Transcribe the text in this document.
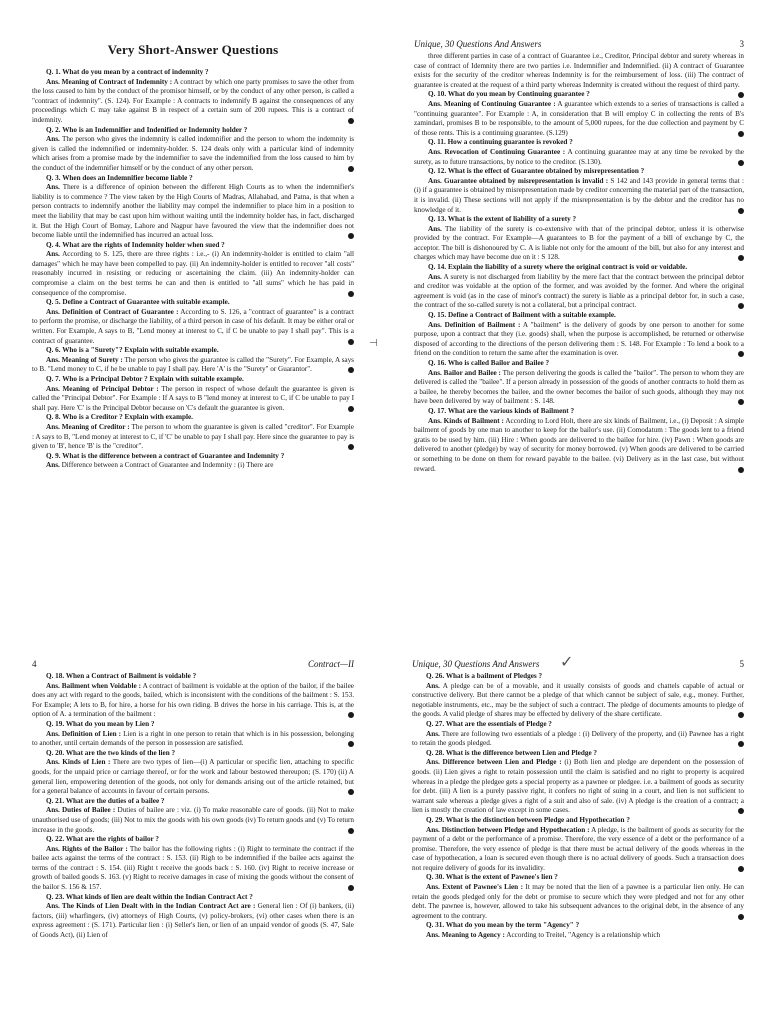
Very Short-Answer Questions
Q. 1. What do you mean by a contract of indemnity ?
Ans. Meaning of Contract of Indemnity : A contract by which one party promises to save the other from the loss caused to him by the conduct of the promisor himself, or by the conduct of any other person, is called a "contract of indemnity". (S. 124). For Example : A contracts to indemnify B against the consequences of any proceedings which C may take against B in respect of a certain sum of 200 rupees. This is a contract of indemnity.
Q. 2. Who is an Indemnifier and Indenified or Indemnity holder ?
Ans. The person who gives the indemnity is called indemnifier and the person to whom the indemnity is given is called the indemnified or indemnity-holder. S. 124 deals only with a particular kind of indemnity which arises from a promise made by the indemnifier to save the indemnified from the loss caused to him by the conduct of the indemnifier himself or by the conduct of any other person.
Q. 3. When does an Indemnifier become liable ?
Ans. There is a difference of opinion between the different High Courts as to when the indemnifier's liability is to commence ? The view taken by the High Courts of Madras, Allahabad, and Patna, is that when a person contracts to indemnify another the liability may compel the indemnifier to place him in a position to meet the liability that may be cast upon him without waiting until the indemnity holder has, in fact, discharged it. But the High Court of Bomay, Lahore and Nagpur have favoured the view that the indemnifier does not become liable until the indemnified has incurred an actual loss.
Q. 4. What are the rights of Indemnity holder when sued ?
Ans. According to S. 125, there are three rights : i.e.,- (i) An indemnity-holder is entitled to claim "all damages" which he may have been compelled to pay. (ii) An indemnity-holder is entitled to recover "all costs" reasonably incurred in resisting or reducing or ascertaining the claim. (iii) An indemnity-holder can compromise a claim on the best terms he can and then is entitled to "all sums" which he has paid in consequence of the compromise.
Q. 5. Define a Contract of Guarantee with suitable example.
Ans. Definition of Contract of Guarantee : According to S. 126, a "contract of guarantee" is a contract to perform the promise, or discharge the liability, of a third person in case of his default. It may be either oral or written. For Example, A says to B, "Lend money at interest to C, if C be unable to pay I shall pay". This is a contract of guarantee.
Q. 6. Who is a "Surety"? Explain with suitable example.
Ans. Meaning of Surety : The person who gives the guarantee is called the "Surety". For Example, A says to B. "Lend money to C, if he be unable to pay I shall pay. Here 'A' is the "Surety" or Guarantor".
Q. 7. Who is a Principal Debtor ? Explain with suitable example.
Ans. Meaning of Principal Debtor : The person in respect of whose default the guarantee is given is called the "Principal Debtor". For Example : If A says to B "lend money at interest to C, if C be unable to pay I shall pay. Here 'C' is the Principal Debtor because on 'C's default the guarantee is given.
Q. 8. Who is a Creditor ? Explain with example.
Ans. Meaning of Creditor : The person to whom the guarantee is given is called "creditor". For Example : A says to B, "Lend money at interest to C, if 'C' be unable to pay I shall pay. Here since the guarantee to pay is given to 'B', hence 'B' is the "creditor".
Q. 9. What is the difference between a contract of Guarantee and Indemnity ?
Ans. Difference between a Contract of Guarantee and Indemnity : (i) There are
Unique, 30 Questions And Answers	3
three different parties in case of a contract of Guarantee i.e., Creditor, Principal debtor and surety whereas in case of contract of Idemnity there are two parties i.e. Indemnifier and Indemnified. (ii) A contract of Guarantee exists for the security of the creditor whereas Indemnity is for the reimbursement of loss. (iii) The contract of guarantee is created at the request of a third party whereas Indemnity is created without the request of third party.
Q. 10. What do you mean by Continuing guarantee ?
Ans. Meaning of Continuing Guarantee : A guarantee which extends to a series of transactions is called a "continuing guarantee". For Example : A, in consideration that B will employ C in collecting the rents of B's zamindari, promises B to be responsible, to the amount of 5,000 rupees, for the due collection and payment by C of those rents. This is a continuing guarantee. (S.129)
Q. 11. How a continuing guarantee is revoked ?
Ans. Revocation of Continuing Guarantee : A continuing guarantee may at any time be revoked by the surety, as to future transactions, by notice to the creditor. (S.130).
Q. 12. What is the effect of Guarantee obtained by misrepresentation ?
Ans. Guarantee obtained by misrepresentation is invalid : S 142 and 143 provide in general terms that : (i) if a guarantee is obtained by misrepresentation made by creditor concerning the material part of the transaction, it is invalid. (ii) These sections will not apply if the misrepresentation is by the debtor and the creditor has no knowledge of it.
Q. 13. What is the extent of liability of a surety ?
Ans. The liability of the surety is co-extensive with that of the principal debtor, unless it is otherwise provided by the contract. For Example—A guarantees to B for the payment of a bill of exchange by C, the acceptor. The bill is dishonoured by C. A is liable not only for the amount of the bill, but also for any interest and charges which may have become due on it : S 128.
Q. 14. Explain the liability of a surety where the original contract is void or voidable.
Ans. A surety is not discharged from liability by the mere fact that the contract between the principal debtor and creditor was voidable at the option of the former, and was avoided by the former. And where the original agreement is void (as in the case of minor's contract) the surety is liable as a principal debtor for, in such a case, the contract of the so-called surety is not a collateral, but a principal contract.
Q. 15. Define a Contract of Bailment with a suitable example.
Ans. Definition of Bailment : A "bailment" is the delivery of goods by one person to another for some purpose, upon a contract that they (i.e. goods) shall, when the purpose is accomplished, be returned or otherwise disposed of according to the directions of the person delivering them : S. 148. For Example : To lend a book to a friend on the condition to return the same after the examination is over.
Q. 16. Who is called Bailor and Bailee ?
Ans. Bailor and Bailee : The person delivering the goods is called the "bailor". The person to whom they are delivered is called the "bailee". If a person already in possession of the goods of another contracts to hold them as a bailee, he thereby becomes the bailee, and the owner becomes the bailor of such goods, although they may not have been delivered by way of bailment : S. 148.
Q. 17. What are the various kinds of Bailment ?
Ans. Kinds of Bailment : According to Lord Holt, there are six kinds of Bailment, i.e., (i) Deposit : A simple bailment of goods by one man to another to keep for the bailor's use. (ii) Comodatum : The goods lent to a friend gratis to be used by him. (iii) Hire : When goods are delivered to the bailee for hire. (iv) Pawn : When goods are delivered to another (pledge) by way of security for money borrowed. (v) When goods are delivered to be carried or something to be done on them for reward payable to the bailee. (vi) Delivery as in the last case, but without reward.
4	Contract—II
Q. 18. When a Contract of Bailment is voidable ?
Ans. Bailment when Voidable : A contract of bailment is voidable at the option of the bailor, if the bailee does any act with regard to the goods, bailed, which is inconsistent with the conditions of the bailment : S. 153. For Example; A lets to B, for hire, a horse for his own riding. B drives the horse in his carriage. This is, at the option of A. a termination of the bailment :
Q. 19. What do you mean by Lien ?
Ans. Definition of Lien : Lien is a right in one person to retain that which is in his possession, belonging to another, until certain demands of the person in possession are satisfied.
Q. 20. What are the two kinds of the lien ?
Ans. Kinds of Lien : There are two types of lien—(i) A particular or specific lien, attaching to specific goods, for the unpaid price or carriage thereof, or for the work and labour bestowed thereupon; (S. 170) (ii) A general lien, empowering detention of the goods, not only for demands arising out of the article retained, but for a general balance of accounts in favour of certain persons.
Q. 21. What are the duties of a bailee ?
Ans. Duties of Bailee : Duties of bailee are : viz. (i) To make reasonable care of goods. (ii) Not to make unauthorised use of goods; (iii) Not to mix the goods with his own goods (iv) To return goods and (v) To return increase in the goods.
Q. 22. What are the rights of bailor ?
Ans. Rights of the Bailor : The bailor has the following rights : (i) Right to terminate the contract if the bailee acts against the terms of the contract : S. 153. (ii) Righ to be indemnified if the bailee acts against the terms of the contract : S. 154. (iii) Right t receive the goods back : S. 160. (iv) Right to receive increase or growth of bailed goods S. 163. (v) Right to receive damages in case of mixing the goods without the consent of the bailor S. 156 & 157.
Q. 23. What kinds of lien are dealt within the Indian Contract Act ?
Ans. The Kinds of Lien Dealt with in the Indian Contract Act are : General lien : Of (i) bankers, (ii) factors, (iii) wharfingers, (iv) attorneys of High Courts, (v) policy-brokers, (vi) other cases when there is an express agreement : (S. 171). Particular lien : (i) Seller's lien, or lien of an unpaid vendor of goods (S. 47, Sale of Goods Act), (ii) Lien of
Unique, 30 Questions And Answers	5
Q. 26. What is a bailment of Pledges ?
Ans. A pledge can be of a movable, and it usually consists of goods and chattels capable of actual or constructive delivery. But there cannot be a pledge of that which cannot be subject of sale, e.g., money. Further, negotiable instruments, etc., may be the subject of such a contract. The pledge of documents amounts to pledge of the goods. A valid pledge of shares may be effected by delivery of the share certificate.
Q. 27. What are the essentials of Pledge ?
Ans. There are following two essentials of a pledge : (i) Delivery of the property, and (ii) Pawnee has a right to retain the goods pledged.
Q. 28. What is the difference between Lien and Pledge ?
Ans. Difference between Lien and Pledge : (i) Both lien and pledge are dependent on the possession of goods. (ii) Lien gives a right to retain possession until the claim is satisfied and no right to property is acquired whereas in a pledge the pledgee gets a special property as a pawnee or pledgee. i.e. a bailment of goods as security for debt. (iii) A lien is a purely passive right, it confers no right of suing in a court, and lien is not sufficient to warrant sale whereas a pledge gives a right of a suit and also of sale. (iv) A pledge is the creation of a contract; a lien is mostly the creation of law except in some cases.
Q. 29. What is the distinction between Pledge and Hypothecation ?
Ans. Distinction between Pledge and Hypothecation : A pledge, is the bailment of goods as security for the payment of a debt or the performance of a promise. Therefore, the very essence of a debt or the performance of a promise. Therefore, the very essence of pledge is that there must be actual delivery of the goods whereas in the case of hypothecation, a loan is secured even though there is no actual delivery of goods. Such a transaction does not require delivery of goods for its invalidity.
Q. 30. What is the extent of Pawnee's lien ?
Ans. Extent of Pawnee's Lien : It may be noted that the lien of a pawnee is a particular lien only. He can retain the goods pledged only for the debt or promise to secure which they were pledged and not for any other debt. The pawnee is, however, allowed to take his subsequent advances to the original debt, in the absence of any agreement to the contrary.
Q. 31. What do you mean by the term "Agency" ?
Ans. Meaning to Agency : According to Treitel, "Agency is a relationship which
✓
⊣
